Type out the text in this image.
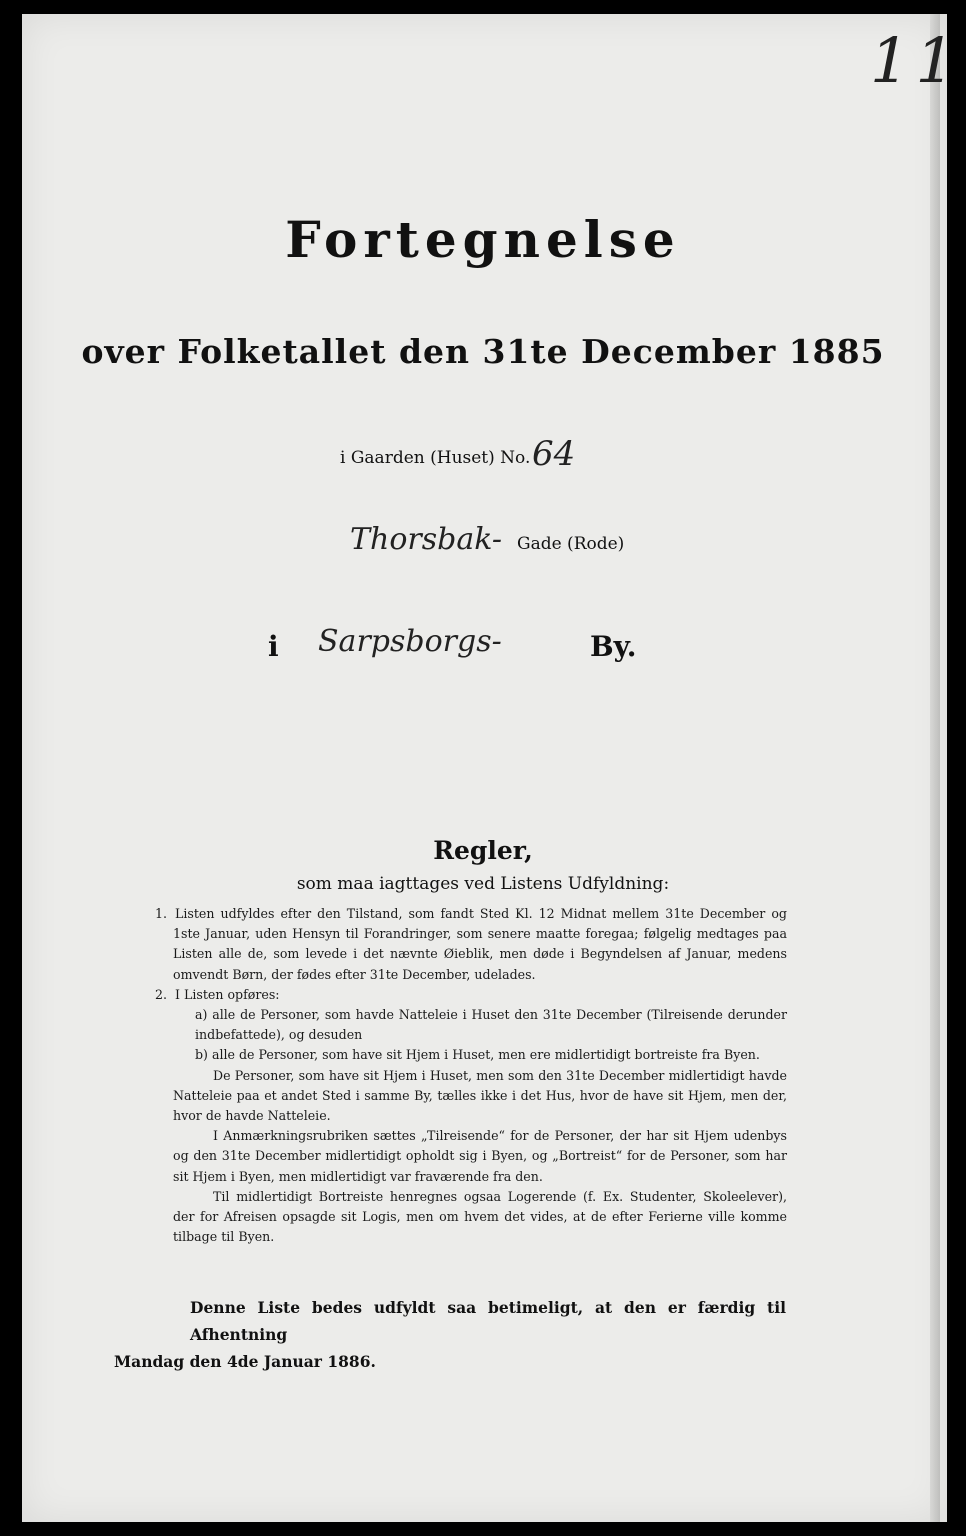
11
Fortegnelse
over Folketallet den 31te December 1885
i Gaarden (Huset) No. 64
Thorsbak- Gade (Rode)
i Sarpsborgs-	By.
Regler,
som maa iagttages ved Listens Udfyldning:

1. Listen udfyldes efter den Tilstand, som fandt Sted Kl. 12 Midnat mellem 31te December og 1ste Januar, uden Hensyn til Forandringer, som senere maatte foregaa; følgelig medtages paa Listen alle de, som levede i det nævnte Øieblik, men døde i Begyndelsen af Januar, medens omvendt Børn, der fødes efter 31te December, udelades.

2. I Listen opføres:

a) alle de Personer, som havde Natteleie i Huset den 31te December (Tilreisende derunder indbefattede), og desuden

b) alle de Personer, som have sit Hjem i Huset, men ere midlertidigt bortreiste fra Byen.

De Personer, som have sit Hjem i Huset, men som den 31te December midlertidigt havde Natteleie paa et andet Sted i samme By, tælles ikke i det Hus, hvor de have sit Hjem, men der, hvor de havde Natteleie.

I Anmærkningsrubriken sættes „Tilreisende“ for de Personer, der har sit Hjem udenbys og den 31te December midlertidigt opholdt sig i Byen, og „Bortreist“ for de Personer, som har sit Hjem i Byen, men midlertidigt var fraværende fra den.

Til midlertidigt Bortreiste henregnes ogsaa Logerende (f. Ex. Studenter, Skoleelever), der for Afreisen opsagde sit Logis, men om hvem det vides, at de efter Ferierne ville komme tilbage til Byen.

Denne Liste bedes udfyldt saa betimeligt, at den er færdig til Afhentning

Mandag den 4de Januar 1886.
